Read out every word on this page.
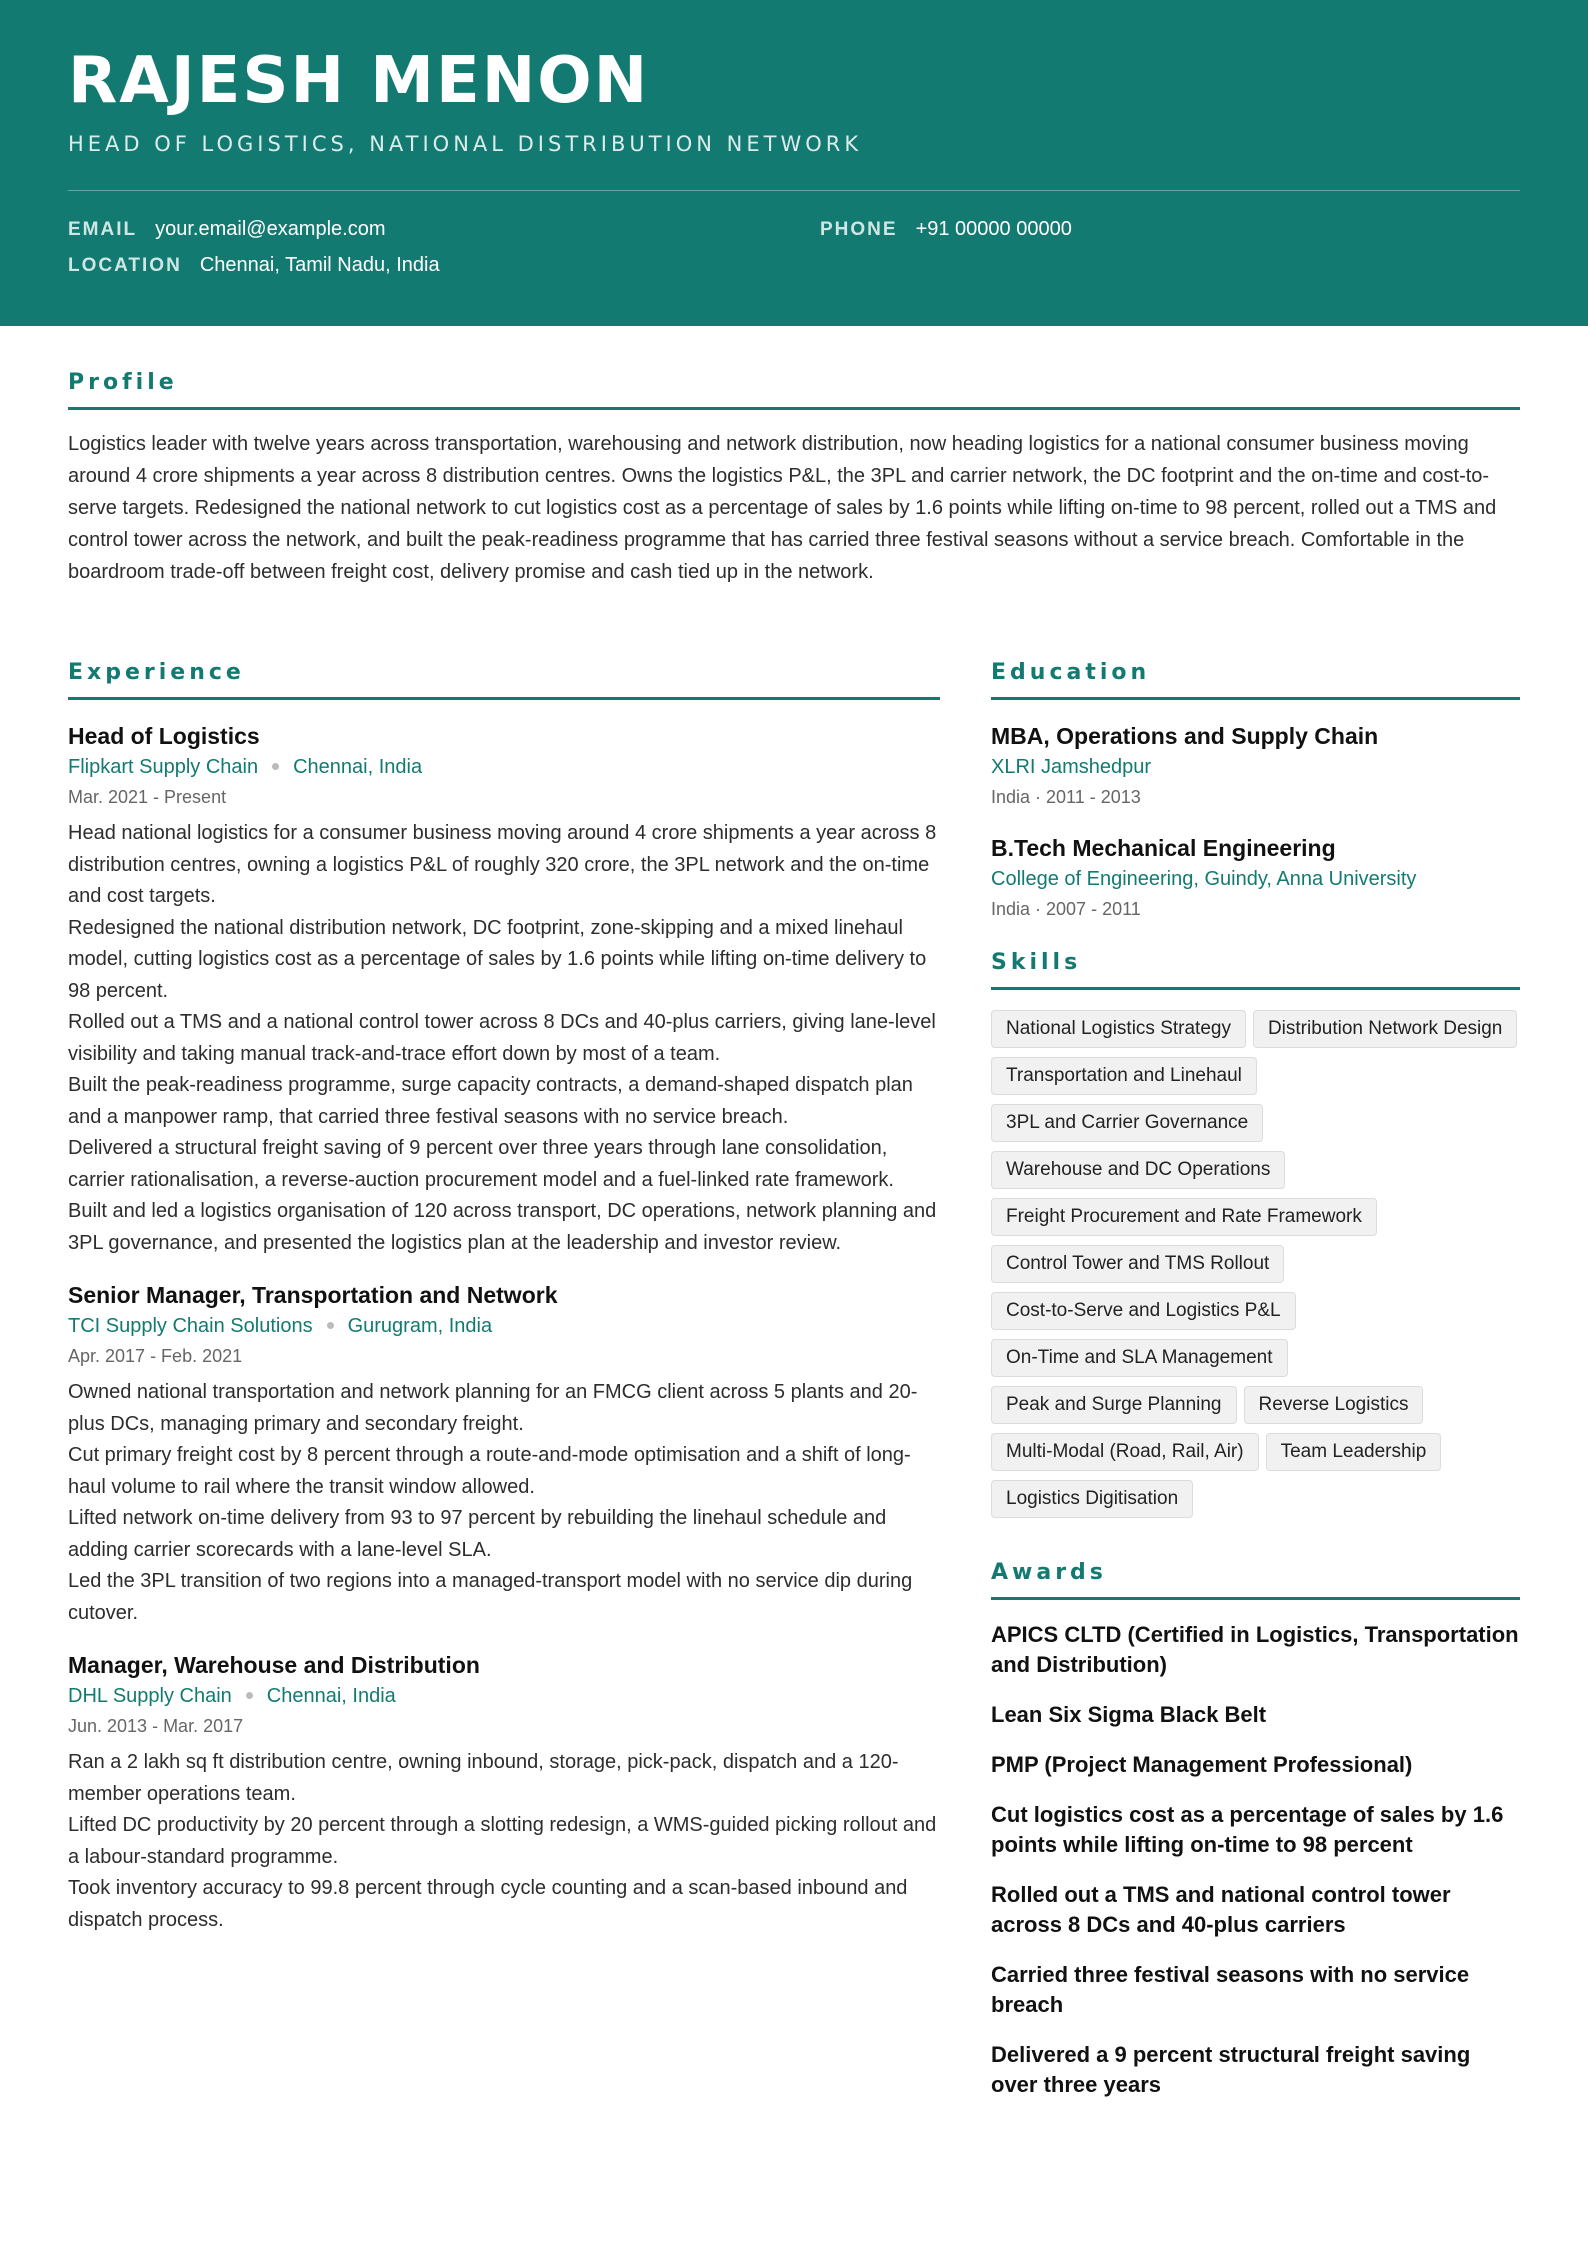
RAJESH MENON
HEAD OF LOGISTICS, NATIONAL DISTRIBUTION NETWORK
EMAIL your.email@example.com	PHONE +91 00000 00000
LOCATION Chennai, Tamil Nadu, India
Profile

Logistics leader with twelve years across transportation, warehousing and network distribution, now heading logistics for a national consumer business moving around 4 crore shipments a year across 8 distribution centres. Owns the logistics P&L, the 3PL and carrier network, the DC footprint and the on-time and cost-to-serve targets. Redesigned the national network to cut logistics cost as a percentage of sales by 1.6 points while lifting on-time to 98 percent, rolled out a TMS and control tower across the network, and built the peak-readiness programme that has carried three festival seasons without a service breach. Comfortable in the boardroom trade-off between freight cost, delivery promise and cash tied up in the network.

Experience
Head of Logistics
Flipkart Supply Chain Chennai, India
Mar. 2021 - Present

Head national logistics for a consumer business moving around 4 crore shipments a year across 8 distribution centres, owning a logistics P&L of roughly 320 crore, the 3PL network and the on-time and cost targets.

Redesigned the national distribution network, DC footprint, zone-skipping and a mixed linehaul model, cutting logistics cost as a percentage of sales by 1.6 points while lifting on-time delivery to 98 percent.

Rolled out a TMS and a national control tower across 8 DCs and 40-plus carriers, giving lane-level visibility and taking manual track-and-trace effort down by most of a team.

Built the peak-readiness programme, surge capacity contracts, a demand-shaped dispatch plan and a manpower ramp, that carried three festival seasons with no service breach.

Delivered a structural freight saving of 9 percent over three years through lane consolidation, carrier rationalisation, a reverse-auction procurement model and a fuel-linked rate framework.

Built and led a logistics organisation of 120 across transport, DC operations, network planning and 3PL governance, and presented the logistics plan at the leadership and investor review.

Senior Manager, Transportation and Network
TCI Supply Chain Solutions Gurugram, India
Apr. 2017 - Feb. 2021

Owned national transportation and network planning for an FMCG client across 5 plants and 20-plus DCs, managing primary and secondary freight.

Cut primary freight cost by 8 percent through a route-and-mode optimisation and a shift of long-haul volume to rail where the transit window allowed.

Lifted network on-time delivery from 93 to 97 percent by rebuilding the linehaul schedule and adding carrier scorecards with a lane-level SLA.

Led the 3PL transition of two regions into a managed-transport model with no service dip during cutover.

Manager, Warehouse and Distribution
DHL Supply Chain Chennai, India
Jun. 2013 - Mar. 2017

Ran a 2 lakh sq ft distribution centre, owning inbound, storage, pick-pack, dispatch and a 120-member operations team.

Lifted DC productivity by 20 percent through a slotting redesign, a WMS-guided picking rollout and a labour-standard programme.

Took inventory accuracy to 99.8 percent through cycle counting and a scan-based inbound and dispatch process.

Education
MBA, Operations and Supply Chain
XLRI Jamshedpur
India · 2011 - 2013
B.Tech Mechanical Engineering
College of Engineering, Guindy, Anna University
India · 2007 - 2011
Skills
National Logistics Strategy	Distribution Network Design
Transportation and Linehaul
3PL and Carrier Governance
Warehouse and DC Operations
Freight Procurement and Rate Framework
Control Tower and TMS Rollout
Cost-to-Serve and Logistics P&L
On-Time and SLA Management
Peak and Surge Planning	Reverse Logistics
Multi-Modal (Road, Rail, Air)	Team Leadership
Logistics Digitisation
Awards
APICS CLTD (Certified in Logistics, Transportation and Distribution)
Lean Six Sigma Black Belt
PMP (Project Management Professional)
Cut logistics cost as a percentage of sales by 1.6 points while lifting on-time to 98 percent
Rolled out a TMS and national control tower across 8 DCs and 40-plus carriers
Carried three festival seasons with no service breach
Delivered a 9 percent structural freight saving over three years
